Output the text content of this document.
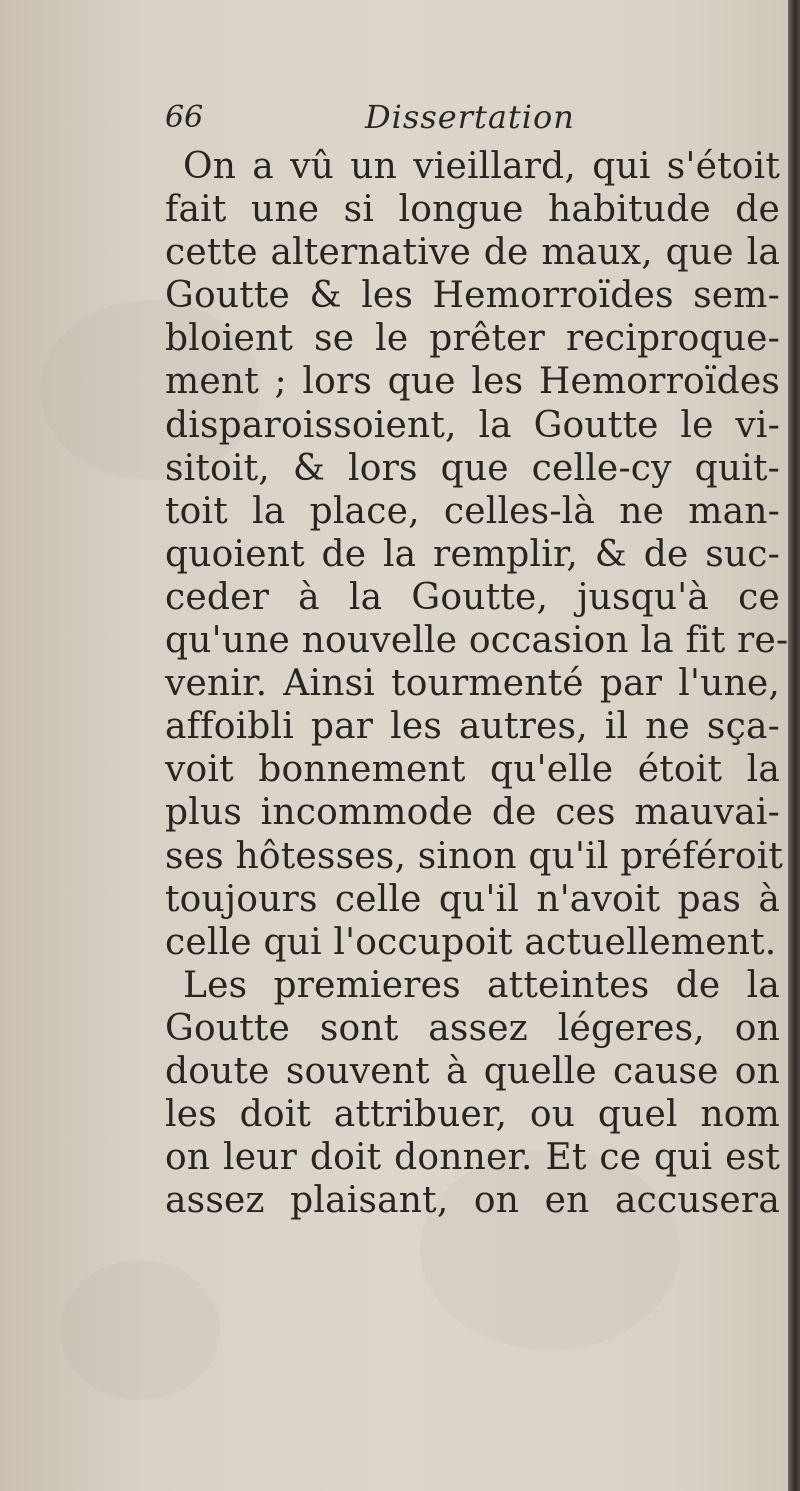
66	Dissertation
On a vû un vieillard, qui s'étoit
fait une si longue habitude de
cette alternative de maux, que la
Goutte & les Hemorroïdes sem-
bloient se le prêter reciproque-
ment ; lors que les Hemorroïdes
disparoissoient, la Goutte le vi-
sitoit, & lors que celle-cy quit-
toit la place, celles-là ne man-
quoient de la remplir, & de suc-
ceder à la Goutte, jusqu'à ce
qu'une nouvelle occasion la fit re-
venir. Ainsi tourmenté par l'une,
affoibli par les autres, il ne sça-
voit bonnement qu'elle étoit la
plus incommode de ces mauvai-
ses hôtesses, sinon qu'il préféroit
toujours celle qu'il n'avoit pas à
celle qui l'occupoit actuellement.
Les premieres atteintes de la
Goutte sont assez légeres, on
doute souvent à quelle cause on
les doit attribuer, ou quel nom
on leur doit donner. Et ce qui est
assez plaisant, on en accusera
